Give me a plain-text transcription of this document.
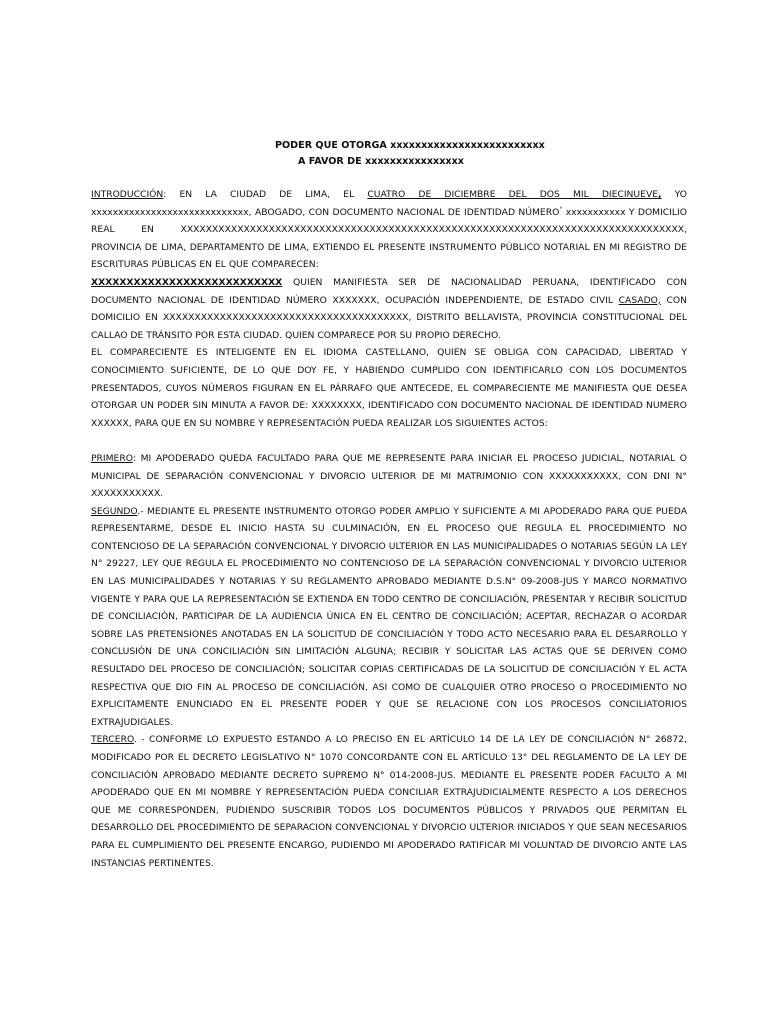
PODER QUE OTORGA xxxxxxxxxxxxxxxxxxxxxxxxx
A FAVOR DE xxxxxxxxxxxxxxxx

INTRODUCCIÓN: EN LA CIUDAD DE LIMA, EL CUATRO DE DICIEMBRE DEL DOS MIL DIECINUEVE, YO xxxxxxxxxxxxxxxxxxxxxxxxxxxxx, ABOGADO, CON DOCUMENTO NACIONAL DE IDENTIDAD NÚMERO° xxxxxxxxxxx Y DOMICILIO REAL EN XXXXXXXXXXXXXXXXXXXXXXXXXXXXXXXXXXXXXXXXXXXXXXXXXXXXXXXXXXXXXXXXXXXXXXXXXXXXXXXX, PROVINCIA DE LIMA, DEPARTAMENTO DE LIMA, EXTIENDO EL PRESENTE INSTRUMENTO PÚBLICO NOTARIAL EN MI REGISTRO DE ESCRITURAS PÚBLICAS EN EL QUE COMPARECEN:

XXXXXXXXXXXXXXXXXXXXXXXXXXX QUIEN MANIFIESTA SER DE NACIONALIDAD PERUANA, IDENTIFICADO CON DOCUMENTO NACIONAL DE IDENTIDAD NÚMERO XXXXXXX, OCUPACIÓN INDEPENDIENTE, DE ESTADO CIVIL CASADO, CON DOMICILIO EN XXXXXXXXXXXXXXXXXXXXXXXXXXXXXXXXXXXXXXX, DISTRITO BELLAVISTA, PROVINCIA CONSTITUCIONAL DEL CALLAO DE TRÁNSITO POR ESTA CIUDAD. QUIEN COMPARECE POR SU PROPIO DERECHO.

EL COMPARECIENTE ES INTELIGENTE EN EL IDIOMA CASTELLANO, QUIEN SE OBLIGA CON CAPACIDAD, LIBERTAD Y CONOCIMIENTO SUFICIENTE, DE LO QUE DOY FE, Y HABIENDO CUMPLIDO CON IDENTIFICARLO CON LOS DOCUMENTOS PRESENTADOS, CUYOS NÚMEROS FIGURAN EN EL PÁRRAFO QUE ANTECEDE, EL COMPARECIENTE ME MANIFIESTA QUE DESEA OTORGAR UN PODER SIN MINUTA A FAVOR DE: XXXXXXXX, IDENTIFICADO CON DOCUMENTO NACIONAL DE IDENTIDAD NUMERO XXXXXX, PARA QUE EN SU NOMBRE Y REPRESENTACIÓN PUEDA REALIZAR LOS SIGUIENTES ACTOS:

PRIMERO: MI APODERADO QUEDA FACULTADO PARA QUE ME REPRESENTE PARA INICIAR EL PROCESO JUDICIAL, NOTARIAL O MUNICIPAL DE SEPARACIÓN CONVENCIONAL Y DIVORCIO ULTERIOR DE MI MATRIMONIO CON XXXXXXXXXXX, CON DNI N° XXXXXXXXXXX.

SEGUNDO.- MEDIANTE EL PRESENTE INSTRUMENTO OTORGO PODER AMPLIO Y SUFICIENTE A MI APODERADO PARA QUE PUEDA REPRESENTARME, DESDE EL INICIO HASTA SU CULMINACIÓN, EN EL PROCESO QUE REGULA EL PROCEDIMIENTO NO CONTENCIOSO DE LA SEPARACIÓN CONVENCIONAL Y DIVORCIO ULTERIOR EN LAS MUNICIPALIDADES O NOTARIAS SEGÚN LA LEY N° 29227, LEY QUE REGULA EL PROCEDIMIENTO NO CONTENCIOSO DE LA SEPARACIÓN CONVENCIONAL Y DIVORCIO ULTERIOR EN LAS MUNICIPALIDADES Y NOTARIAS Y SU REGLAMENTO APROBADO MEDIANTE D.S.N° 09-2008-JUS Y MARCO NORMATIVO VIGENTE Y PARA QUE LA REPRESENTACIÓN SE EXTIENDA EN TODO CENTRO DE CONCILIACIÓN, PRESENTAR Y RECIBIR SOLICITUD DE CONCILIACIÓN, PARTICIPAR DE LA AUDIENCIA ÚNICA EN EL CENTRO DE CONCILIACIÓN; ACEPTAR, RECHAZAR O ACORDAR SOBRE LAS PRETENSIONES ANOTADAS EN LA SOLICITUD DE CONCILIACIÓN Y TODO ACTO NECESARIO PARA EL DESARROLLO Y CONCLUSIÓN DE UNA CONCILIACIÓN SIN LIMITACIÓN ALGUNA; RECIBIR Y SOLICITAR LAS ACTAS QUE SE DERIVEN COMO RESULTADO DEL PROCESO DE CONCILIACIÓN; SOLICITAR COPIAS CERTIFICADAS DE LA SOLICITUD DE CONCILIACIÓN Y EL ACTA RESPECTIVA QUE DIO FIN AL PROCESO DE CONCILIACIÓN, ASI COMO DE CUALQUIER OTRO PROCESO O PROCEDIMIENTO NO EXPLICITAMENTE ENUNCIADO EN EL PRESENTE PODER Y QUE SE RELACIONE CON LOS PROCESOS CONCILIATORIOS EXTRAJUDIGALES.

TERCERO. - CONFORME LO EXPUESTO ESTANDO A LO PRECISO EN EL ARTÍCULO 14 DE LA LEY DE CONCILIACIÓN N° 26872, MODIFICADO POR EL DECRETO LEGISLATIVO N° 1070 CONCORDANTE CON EL ARTÍCULO 13° DEL REGLAMENTO DE LA LEY DE CONCILIACIÓN APROBADO MEDIANTE DECRETO SUPREMO N° 014-2008-JUS. MEDIANTE EL PRESENTE PODER FACULTO A MI APODERADO QUE EN MI NOMBRE Y REPRESENTACIÓN PUEDA CONCILIAR EXTRAJUDICIALMENTE RESPECTO A LOS DERECHOS QUE ME CORRESPONDEN, PUDIENDO SUSCRIBIR TODOS LOS DOCUMENTOS PÚBLICOS Y PRIVADOS QUE PERMITAN EL DESARROLLO DEL PROCEDIMIENTO DE SEPARACION CONVENCIONAL Y DIVORCIO ULTERIOR INICIADOS Y QUE SEAN NECESARIOS PARA EL CUMPLIMIENTO DEL PRESENTE ENCARGO, PUDIENDO MI APODERADO RATIFICAR MI VOLUNTAD DE DIVORCIO ANTE LAS INSTANCIAS PERTINENTES.
